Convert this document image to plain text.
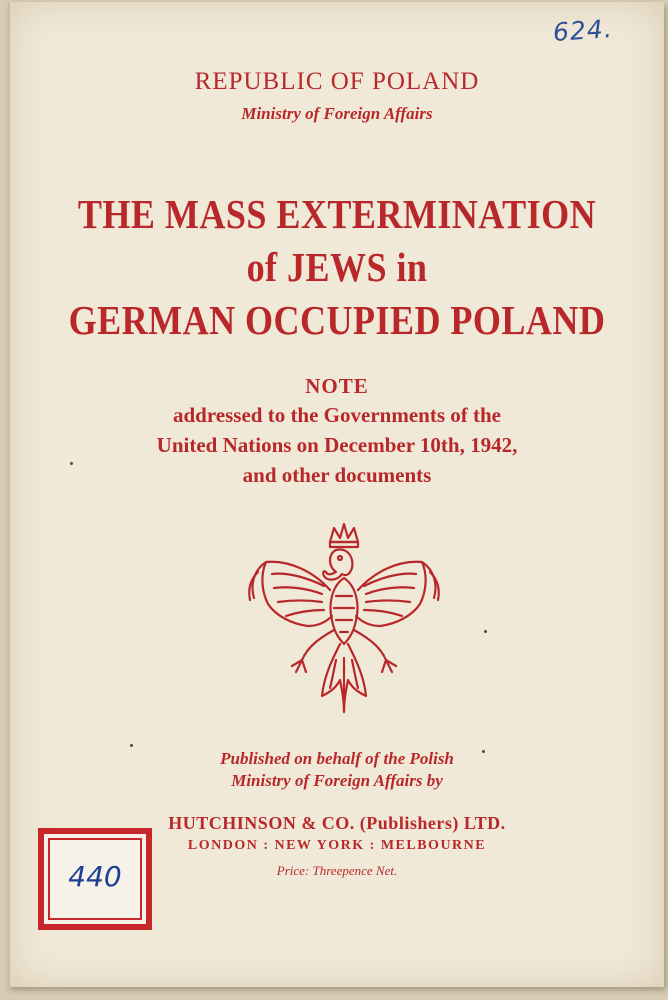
624.
REPUBLIC OF POLAND
Ministry of Foreign Affairs
THE MASS EXTERMINATION
of JEWS in
GERMAN OCCUPIED POLAND
NOTE
addressed to the Governments of the
United Nations on December 10th, 1942,
and other documents
Published on behalf of the Polish
Ministry of Foreign Affairs by
HUTCHINSON & CO. (Publishers) LTD.
LONDON : NEW YORK : MELBOURNE
Price: Threepence Net.
440
